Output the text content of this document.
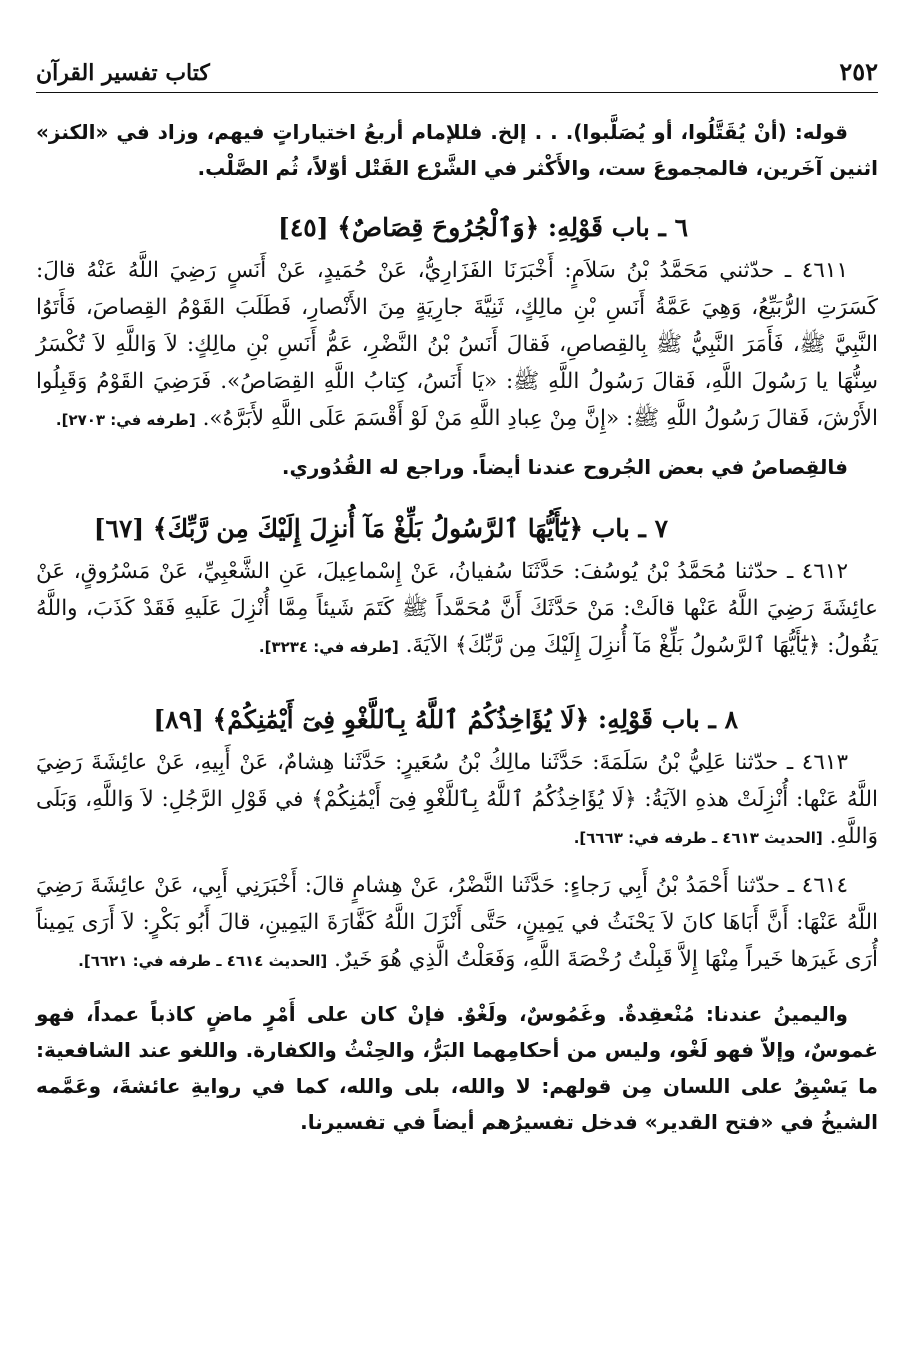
٢٥٢
كتاب تفسير القرآن

قوله: (أنْ يُقَتَّلُوا، أو يُصَلَّبوا). . . إلخ. فللإمام أربعُ اختياراتٍ فيهم، وزاد في «الكنز» اثنين آخَرين، فالمجموعَ ست، والأَكْثر في الشَّرْع القَتْل أوّلاً، ثُم الصَّلْب.

٦ ـ باب قَوْلِهِ: ﴿وَٱلْجُرُوحَ قِصَاصٌ﴾ [٤٥]

٤٦١١ ـ حدّثني مَحَمَّدُ بْنُ سَلاَمٍ: أَخْبَرَنَا الفَزَارِيُّ، عَنْ حُمَيدٍ، عَنْ أَنَسٍ رَضِيَ اللَّهُ عَنْهُ قالَ: كَسَرَتِ الرُّبَيِّعُ، وَهِيَ عَمَّةُ أَنَسِ بْنِ مالِكٍ، ثَنِيَّةَ جارِيَةٍ مِنَ الأَنْصارِ، فَطَلَبَ القَوْمُ القِصاصَ، فَأَتَوُا النَّبِيَّ ﷺ، فَأَمَرَ النَّبِيُّ ﷺ بِالقِصاصِ، فَقالَ أَنَسُ بْنُ النَّضْرِ، عَمُّ أَنَسِ بْنِ مالِكٍ: لاَ وَاللَّهِ لاَ تُكْسَرُ سِنُّهَا يا رَسُولَ اللَّهِ، فَقالَ رَسُولُ اللَّهِ ﷺ: «يَا أَنَسُ، كِتابُ اللَّهِ القِصَاصُ». فَرَضِيَ القَوْمُ وَقَبِلُوا الأَرْشَ، فَقالَ رَسُولُ اللَّهِ ﷺ: «إِنَّ مِنْ عِبادِ اللَّهِ مَنْ لَوْ أَقْسَمَ عَلَى اللَّهِ لأَبَرَّهُ». [طرفه في: ٢٧٠٣].

فالقِصاصُ في بعض الجُروح عندنا أيضاً. وراجع له القُدُوري.

٧ ـ باب ﴿يَٰٓأَيُّهَا ٱلرَّسُولُ بَلِّغْ مَآ أُنزِلَ إِلَيْكَ مِن رَّبِّكَ﴾ [٦٧]

٤٦١٢ ـ حدّثنا مُحَمَّدُ بْنُ يُوسُفَ: حَدَّثَنَا سُفيانُ، عَنْ إِسْماعِيلَ، عَنِ الشَّعْبِيِّ، عَنْ مَسْرُوقٍ، عَنْ عائِشَةَ رَضِيَ اللَّهُ عَنْها قالَتْ: مَنْ حَدَّثَكَ أَنَّ مُحَمَّداً ﷺ كَتَمَ شَيئاً مِمَّا أُنْزِلَ عَلَيهِ فَقَدْ كَذَبَ، واللَّهُ يَقُولُ: ﴿يَٰٓأَيُّهَا ٱلرَّسُولُ بَلِّغْ مَآ أُنزِلَ إِلَيْكَ مِن رَّبِّكَ﴾ الآيَةَ. [طرفه في: ٣٢٣٤].

٨ ـ باب قَوْلِهِ: ﴿لَا يُؤَاخِذُكُمُ ٱللَّهُ بِٱللَّغْوِ فِىٓ أَيْمَٰنِكُمْ﴾ [٨٩]

٤٦١٣ ـ حدّثنا عَلِيُّ بْنُ سَلَمَةَ: حَدَّثَنا مالِكُ بْنُ سُعَيرٍ: حَدَّثَنا هِشامٌ، عَنْ أَبِيهِ، عَنْ عائِشَةَ رَضِيَ اللَّهُ عَنْها: أُنْزِلَتْ هذهِ الآيَةُ: ﴿لَا يُؤَاخِذُكُمُ ٱللَّهُ بِٱللَّغْوِ فِىٓ أَيْمَٰنِكُمْ﴾ في قَوْلِ الرَّجُلِ: لاَ وَاللَّهِ، وَبَلَى وَاللَّهِ. [الحديث ٤٦١٣ ـ طرفه في: ٦٦٦٣].

٤٦١٤ ـ حدّثنا أَحْمَدُ بْنُ أَبِي رَجاءٍ: حَدَّثَنا النَّضْرُ، عَنْ هِشامٍ قالَ: أَخْبَرَنِي أَبِي، عَنْ عائِشَةَ رَضِيَ اللَّهُ عَنْهَا: أَنَّ أَبَاهَا كانَ لاَ يَحْنَثُ في يَمِينٍ، حَتَّى أَنْزَلَ اللَّهُ كَفَّارَةَ اليَمِينِ، قالَ أَبُو بَكْرٍ: لاَ أَرَى يَمِيناً أُرَى غَيرَها خَيراً مِنْهَا إِلاَّ قَبِلْتُ رُخْصَةَ اللَّهِ، وَفَعَلْتُ الَّذِي هُوَ خَيرٌ. [الحديث ٤٦١٤ ـ طرفه في: ٦٦٢١].

واليمينُ عندنا: مُنْعقِدةٌ. وغَمُوسٌ، ولَغْوٌ. فإنْ كان على أَمْرٍ ماضٍ كاذباً عمداً، فهو غموسٌ، وإلاّ فهو لَغْو، وليس من أحكامِهما البَرُّ، والحِنْثُ والكفارة. واللغو عند الشافعية: ما يَسْبِقُ على اللسان مِن قولهم: لا والله، بلى والله، كما في روايةِ عائشةَ، وعَمَّمه الشيخُ في «فتح القدير» فدخل تفسيرُهم أيضاً في تفسيرنا.
